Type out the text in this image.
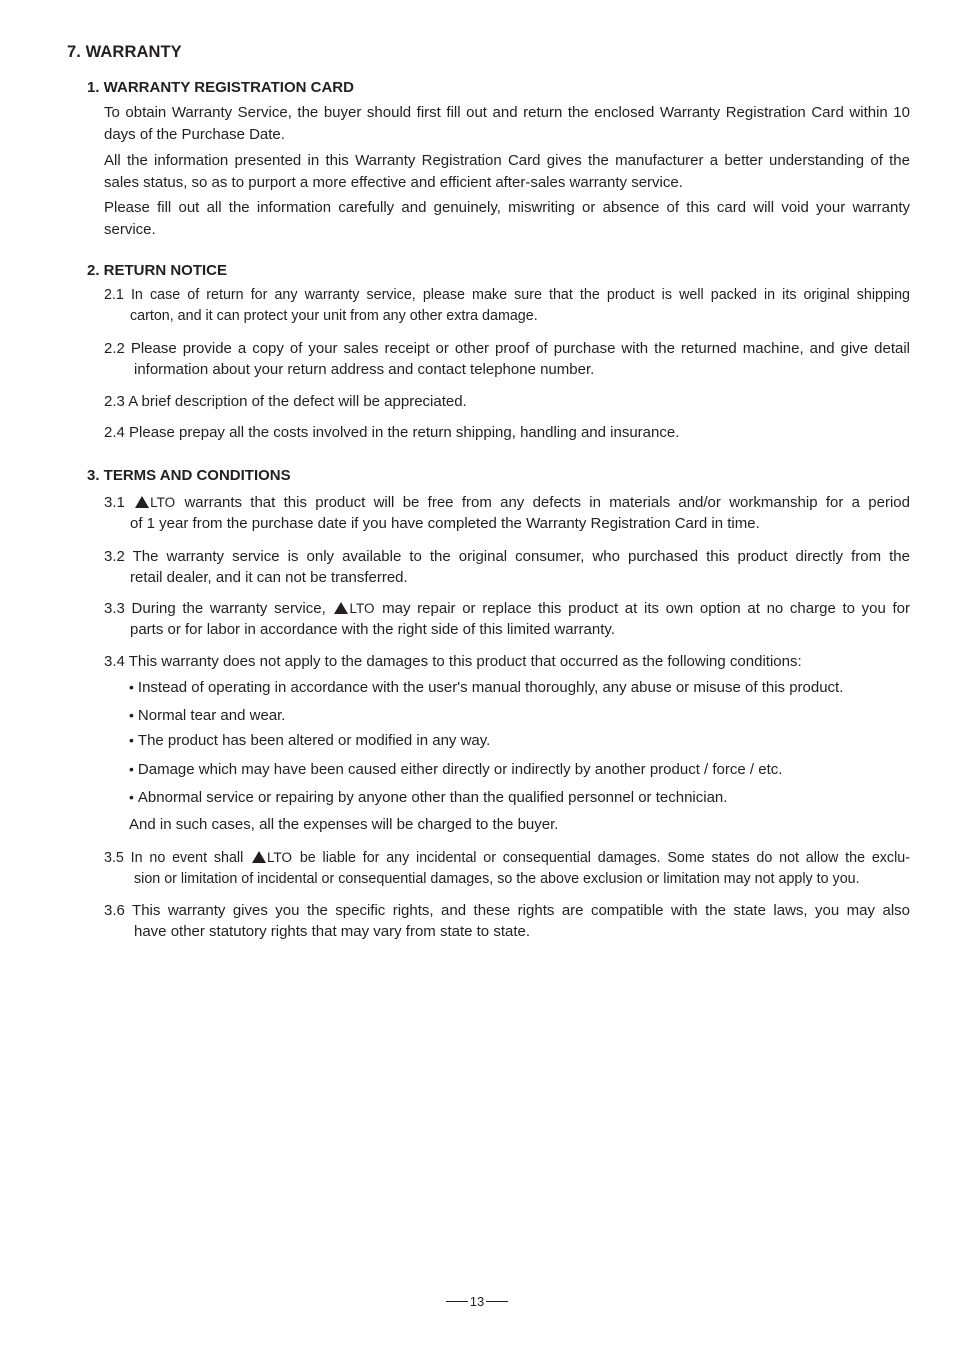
7. WARRANTY
1. WARRANTY REGISTRATION CARD
To obtain Warranty Service, the buyer should first fill out and return the enclosed Warranty Registration Card within 10 days of the Purchase Date.
All the information presented in this Warranty Registration Card gives the manufacturer a better understanding of the sales status, so as to purport a more effective and efficient after-sales warranty service.
Please fill out all the information carefully and genuinely, miswriting or absence of this card will void your warranty service.
2. RETURN NOTICE
2.1 In case of return for any warranty service, please make sure that the product is well packed in its original shipping
carton, and it can protect your unit from any other extra damage.
2.2 Please provide a copy of your sales receipt or other proof of purchase with the returned machine, and give detail
information about your return address and contact telephone number.
2.3 A brief description of the defect will be appreciated.
2.4 Please prepay all the costs involved in the return shipping, handling and insurance.
3. TERMS AND CONDITIONS
3.1 LTO warrants that this product will be free from any defects in materials and/or workmanship for a period
of 1 year from the purchase date if you have completed the Warranty Registration Card in time.
3.2 The warranty service is only available to the original consumer, who purchased this product directly from the
retail dealer, and it can not be transferred.
3.3 During the warranty service, LTO may repair or replace this product at its own option at no charge to you for
parts or for labor in accordance with the right side of this limited warranty.
3.4 This warranty does not apply to the damages to this product that occurred as the following conditions:
• Instead of operating in accordance with the user's manual thoroughly, any abuse or misuse of this product.
• Normal tear and wear.
• The product has been altered or modified in any way.
• Damage which may have been caused either directly or indirectly by another product / force / etc.
• Abnormal service or repairing by anyone other than the qualified personnel or technician.
And in such cases, all the expenses will be charged to the buyer.
3.5 In no event shall LTO be liable for any incidental or consequential damages. Some states do not allow the exclu-
sion or limitation of incidental or consequential damages, so the above exclusion or limitation may not apply to you.
3.6 This warranty gives you the specific rights, and these rights are compatible with the state laws, you may also
have other statutory rights that may vary from state to state.
13
